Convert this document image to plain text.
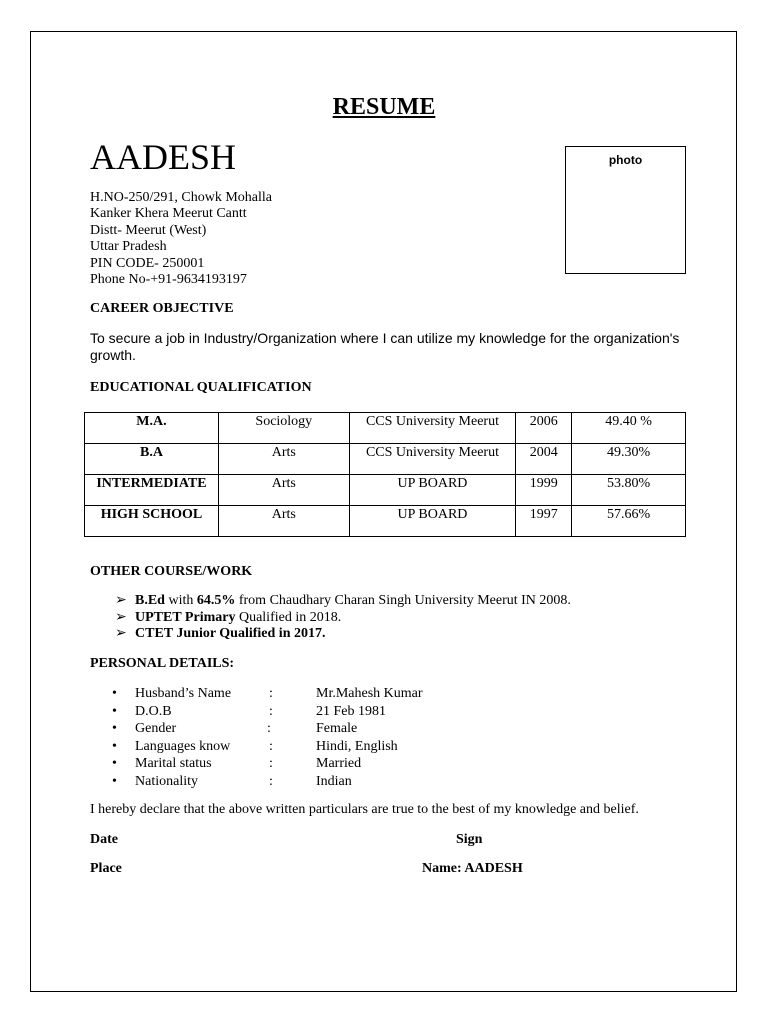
RESUME
AADESH	photo
H.NO-250/291, Chowk Mohalla
Kanker Khera Meerut Cantt
Distt- Meerut (West)
Uttar Pradesh
PIN CODE- 250001
Phone No-+91-9634193197
CAREER OBJECTIVE
To secure a job in Industry/Organization where I can utilize my knowledge for the organization's growth.
EDUCATIONAL QUALIFICATION
M.A.	Sociology	CCS University Meerut	2006	49.40 %
B.A	Arts	CCS University Meerut	2004	49.30%
INTERMEDIATE	Arts	UP BOARD	1999	53.80%
HIGH SCHOOL	Arts	UP BOARD	1997	57.66%
OTHER COURSE/WORK
➢ B.Ed with 64.5% from Chaudhary Charan Singh University Meerut IN 2008.
➢ UPTET Primary Qualified in 2018.
➢ CTET Junior Qualified in 2017.
PERSONAL DETAILS:
• Husband’s Name	:	Mr.Mahesh Kumar
• D.O.B	:	21 Feb 1981
• Gender	:	Female
• Languages know	:	Hindi, English
• Marital status	:	Married
• Nationality	:	Indian
I hereby declare that the above written particulars are true to the best of my knowledge and belief.
Date	Sign
Place	Name: AADESH
